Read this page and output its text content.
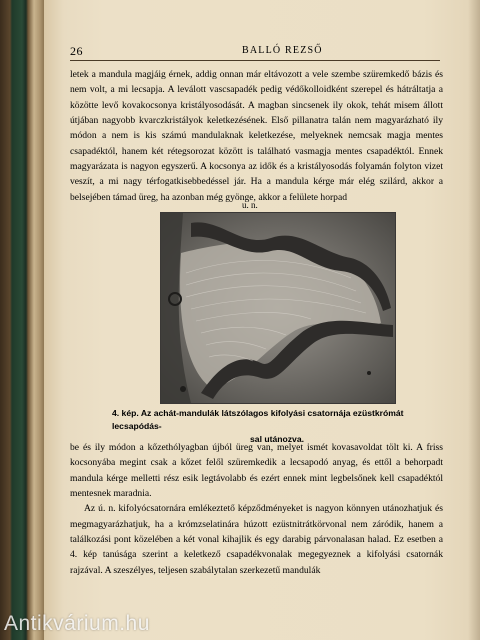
26	BALLÓ REZSŐ

letek a mandula magjáig érnek, addig onnan már eltávozott a vele szembe szüremkedő bázis és nem volt, a mi lecsapja. A leválott vascsapadék pedig védőkolloidként szerepel és hátráltatja a közötte levő kovakocsonya kristályosodását. A magban sincsenek ily okok, tehát misem állott útjában nagyobb kvarczkristályok keletkezésének. Első pillanatra talán nem magyarázható ily módon a nem is kis számú mandulaknak keletkezése, melyeknek nemcsak magja mentes csapadéktól, hanem két rétegsorozat között is található vasmagja mentes csapadéktól. Ennek magyarázata is nagyon egyszerű. A kocsonya az idők és a kristályosodás folyamán folyton vizet veszít, a mi nagy térfogatkisebbedéssel jár. Ha a mandula kérge már elég szilárd, akkor a belsejében támad üreg, ha azonban még gyönge, akkor a felülete horpad

u. n.
4. kép. Az achát-mandulák látszólagos kifolyási csatornája ezüstkrómát lecsapódás-
sal utánozva.

be és ily módon a kőzethólyagban újból üreg van, melyet ismét kovasavoldat tölt ki. A friss kocsonyába megint csak a kőzet felől szüremkedik a lecsapodó anyag, és ettől a behorpadt mandula kérge melletti rész esik legtávolabb és ezért ennek mint legbelsőnek kell csapadéktól mentesnek maradnia.

Az ú. n. kifolyócsatornára emlékeztető képződményeket is nagyon könnyen utánozhatjuk és megmagyarázhatjuk, ha a krómzselatinára húzott ezüstnitrátkörvonal nem záródik, hanem a találkozási pont közelében a két vonal kihajlik és egy darabig párvonalasan halad. Ez esetben a 4. kép tanúsága szerint a keletkező csapadékvonalak megegyeznek a kifolyási csatornák rajzával. A szeszélyes, teljesen szabálytalan szerkezetű mandulák

Antikvárium.hu
